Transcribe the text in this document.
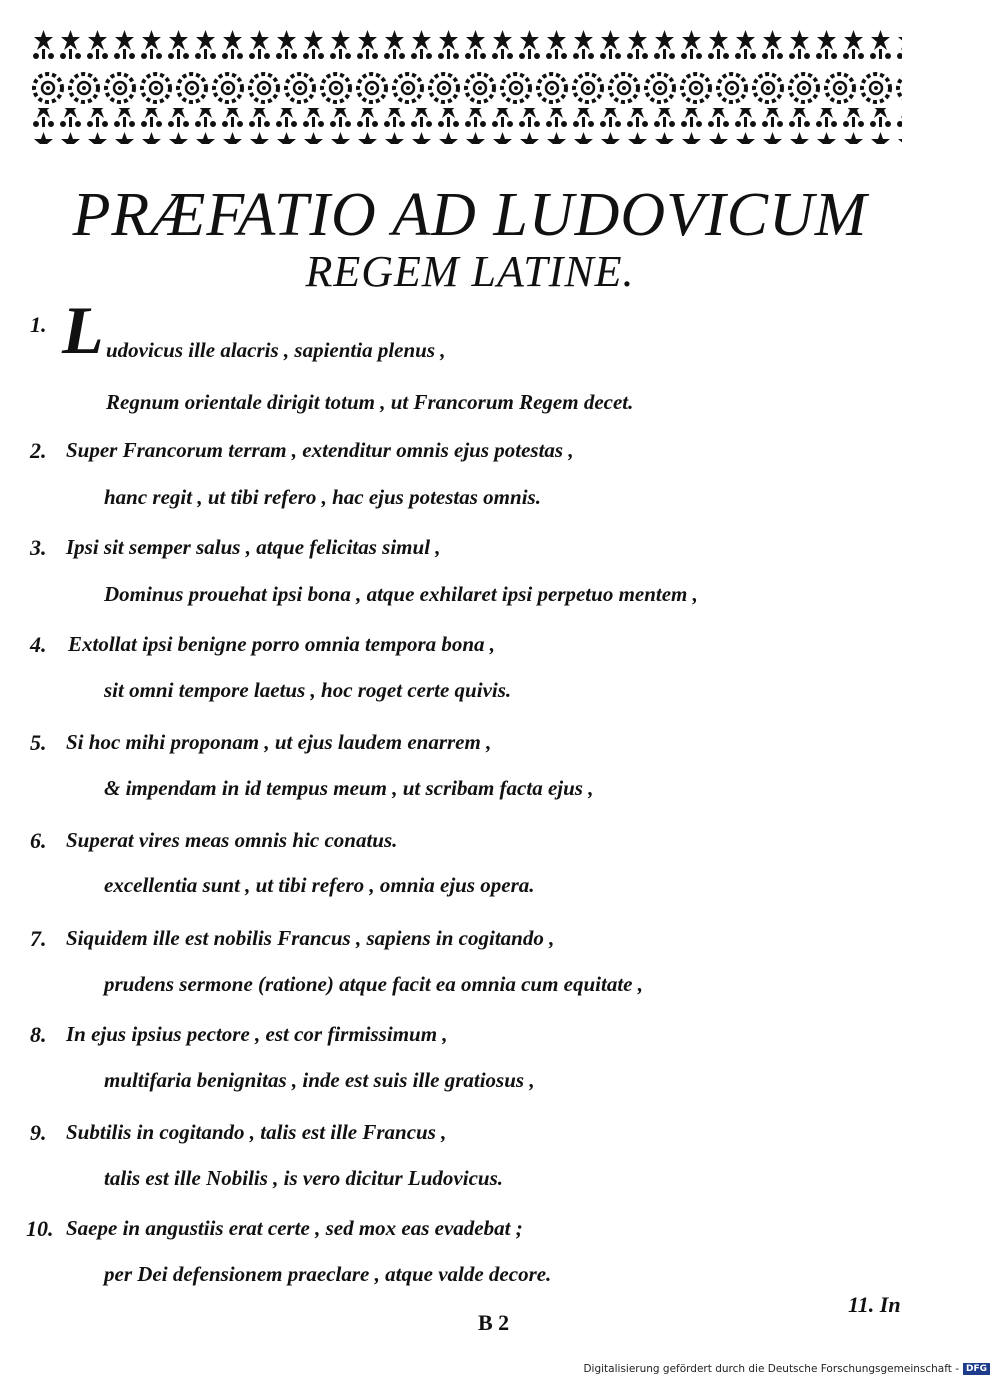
PRÆFATIO AD LUDOVICUM
REGEM LATINE.
L
1.
udovicus ille alacris , sapientia plenus ,
Regnum orientale dirigit totum , ut Francorum Regem decet.
2. Super Francorum terram , extenditur omnis ejus potestas ,
hanc regit , ut tibi refero , hac ejus potestas omnis.
3. Ipsi sit semper salus , atque felicitas simul ,
Dominus prouehat ipsi bona , atque exhilaret ipsi perpetuo mentem ,
4. Extollat ipsi benigne porro omnia tempora bona ,
sit omni tempore laetus , hoc roget certe quivis.
5. Si hoc mihi proponam , ut ejus laudem enarrem ,
& impendam in id tempus meum , ut scribam facta ejus ,
6. Superat vires meas omnis hic conatus.
excellentia sunt , ut tibi refero , omnia ejus opera.
7. Siquidem ille est nobilis Francus , sapiens in cogitando ,
prudens sermone (ratione) atque facit ea omnia cum equitate ,
8. In ejus ipsius pectore , est cor firmissimum ,
multifaria benignitas , inde est suis ille gratiosus ,
9. Subtilis in cogitando , talis est ille Francus ,
talis est ille Nobilis , is vero dicitur Ludovicus.
10. Saepe in angustiis erat certe , sed mox eas evadebat ;
per Dei defensionem praeclare , atque valde decore.
B 2
11. In
Digitalisierung gefördert durch die Deutsche Forschungsgemeinschaft - DFG
